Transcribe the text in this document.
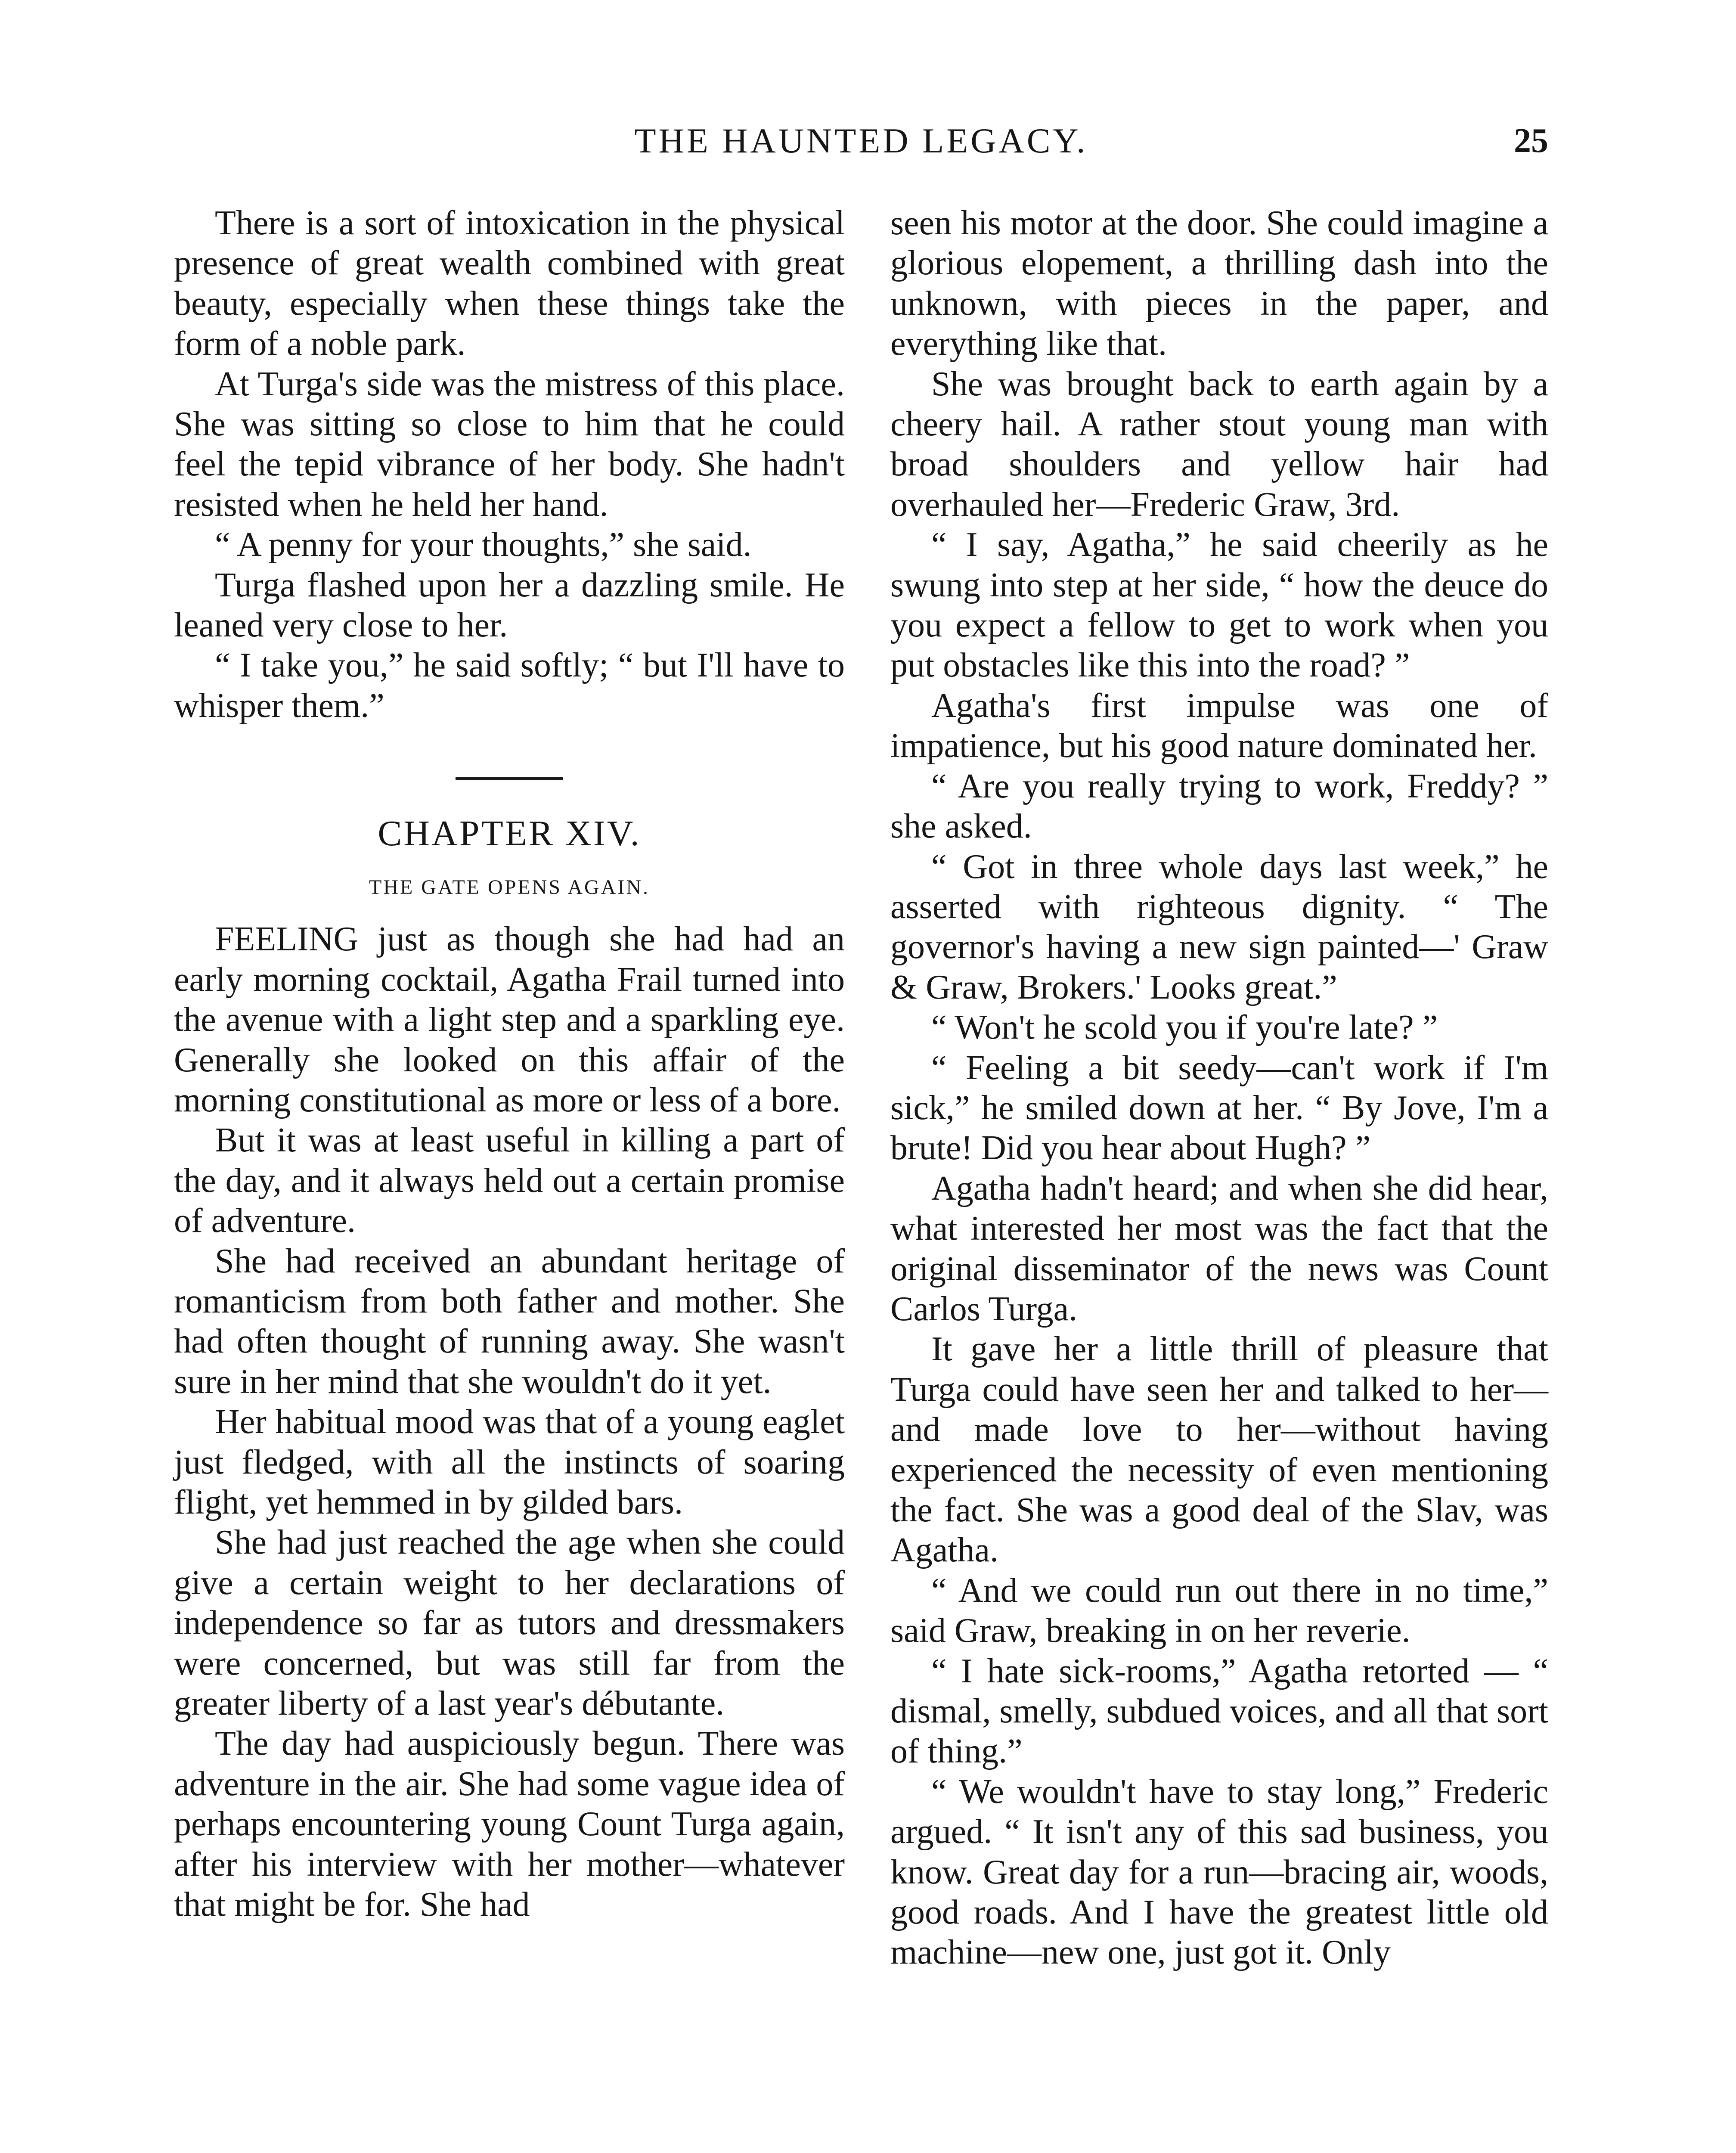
THE HAUNTED LEGACY.	25

There is a sort of intoxication in the physical presence of great wealth combined with great beauty, especially when these things take the form of a noble park.

At Turga's side was the mistress of this place. She was sitting so close to him that he could feel the tepid vibrance of her body. She hadn't resisted when he held her hand.

“ A penny for your thoughts,” she said.

Turga flashed upon her a dazzling smile. He leaned very close to her.

“ I take you,” he said softly; “ but I'll have to whisper them.”

CHAPTER XIV.
THE GATE OPENS AGAIN.

FEELING just as though she had had an early morning cocktail, Agatha Frail turned into the avenue with a light step and a sparkling eye. Generally she looked on this affair of the morning constitutional as more or less of a bore.

But it was at least useful in killing a part of the day, and it always held out a certain promise of adventure.

She had received an abundant heritage of romanticism from both father and mother. She had often thought of running away. She wasn't sure in her mind that she wouldn't do it yet.

Her habitual mood was that of a young eaglet just fledged, with all the instincts of soaring flight, yet hemmed in by gilded bars.

She had just reached the age when she could give a certain weight to her declarations of independence so far as tutors and dressmakers were concerned, but was still far from the greater liberty of a last year's débutante.

The day had auspiciously begun. There was adventure in the air. She had some vague idea of perhaps encountering young Count Turga again, after his interview with her mother—whatever that might be for. She had

seen his motor at the door. She could imagine a glorious elopement, a thrilling dash into the unknown, with pieces in the paper, and everything like that.

She was brought back to earth again by a cheery hail. A rather stout young man with broad shoulders and yellow hair had overhauled her—Frederic Graw, 3rd.

“ I say, Agatha,” he said cheerily as he swung into step at her side, “ how the deuce do you expect a fellow to get to work when you put obstacles like this into the road? ”

Agatha's first impulse was one of impatience, but his good nature dominated her.

“ Are you really trying to work, Freddy? ” she asked.

“ Got in three whole days last week,” he asserted with righteous dignity. “ The governor's having a new sign painted—' Graw & Graw, Brokers.' Looks great.”

“ Won't he scold you if you're late? ”

“ Feeling a bit seedy—can't work if I'm sick,” he smiled down at her. “ By Jove, I'm a brute! Did you hear about Hugh? ”

Agatha hadn't heard; and when she did hear, what interested her most was the fact that the original disseminator of the news was Count Carlos Turga.

It gave her a little thrill of pleasure that Turga could have seen her and talked to her—and made love to her—without having experienced the necessity of even mentioning the fact. She was a good deal of the Slav, was Agatha.

“ And we could run out there in no time,” said Graw, breaking in on her reverie.

“ I hate sick-rooms,” Agatha retorted — “ dismal, smelly, subdued voices, and all that sort of thing.”

“ We wouldn't have to stay long,” Frederic argued. “ It isn't any of this sad business, you know. Great day for a run—bracing air, woods, good roads. And I have the greatest little old machine—new one, just got it. Only
